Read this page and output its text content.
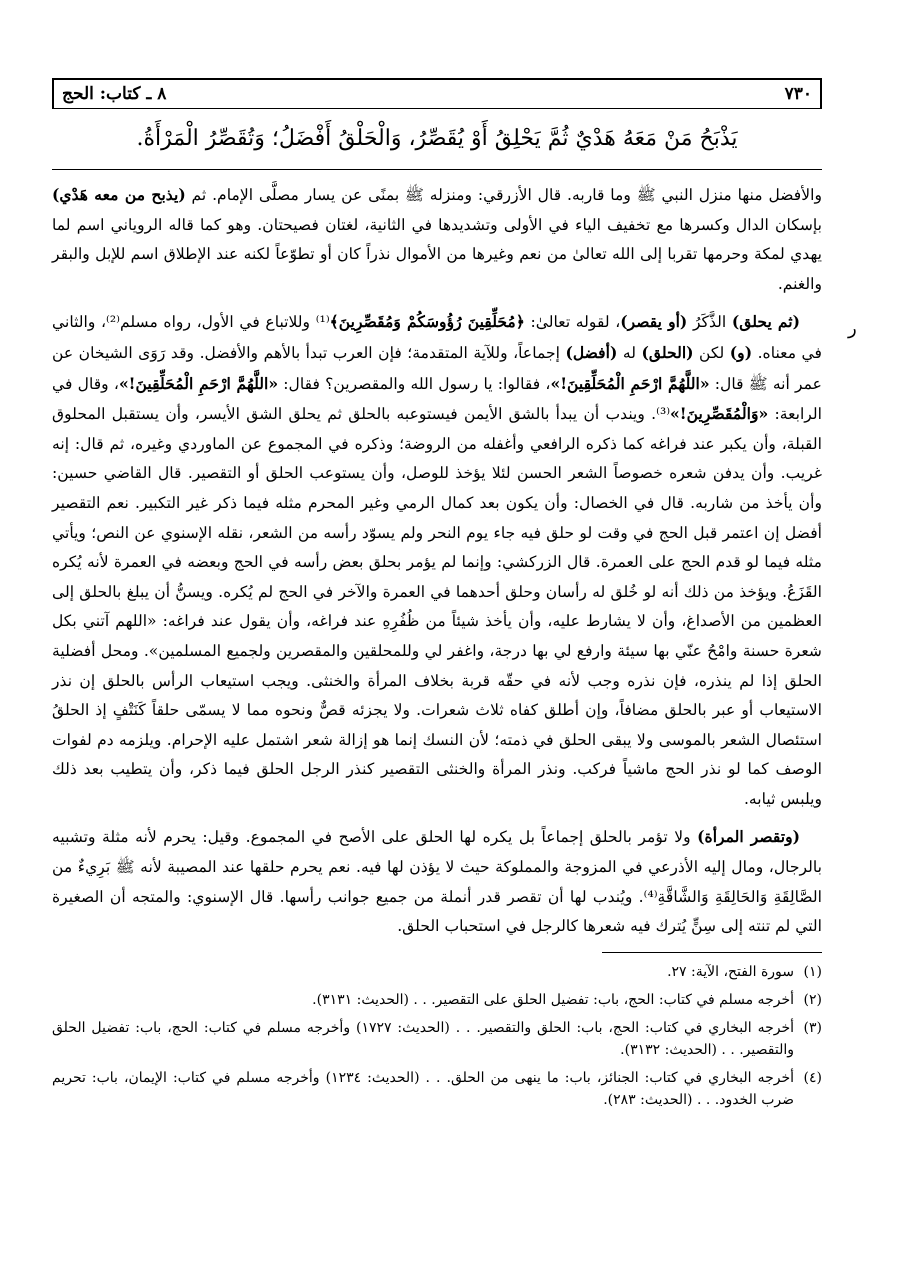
٧٣٠
٨ ـ كتاب: الحج
يَذْبَحُ مَنْ مَعَهُ هَدْيٌ ثُمَّ يَحْلِقُ أَوْ يُقَصِّرُ، وَالْحَلْقُ أَفْضَلُ؛ وَتُقَصِّرُ الْمَرْأَةُ.

والأفضل منها منزل النبي ﷺ وما قاربه. قال الأزرقي: ومنزله ﷺ بمنًى عن يسار مصلَّى الإمام. ثم (يذبح من معه هَدْي) بإسكان الدال وكسرها مع تخفيف الياء في الأولى وتشديدها في الثانية، لغتان فصيحتان. وهو كما قاله الروياني اسم لما يهدي لمكة وحرمها تقربا إلى الله تعالىٰ من نعم وغيرها من الأموال نذراً كان أو تطوّعاً لكنه عند الإطلاق اسم للإبل والبقر والغنم.

(ثم يحلق) الذَّكَرُ (أو يقصر)، لقوله تعالىٰ: ﴿مُحَلِّقِينَ رُؤُوسَكُمْ وَمُقَصِّرِينَ﴾⁽¹⁾ وللاتباع في الأول، رواه مسلم⁽²⁾، والثاني في معناه. (و) لكن (الحلق) له (أفضل) إجماعاً، وللآية المتقدمة؛ فإن العرب تبدأ بالأهم والأفضل. وقد رَوَى الشيخان عن عمر أنه ﷺ قال: «اللَّهُمَّ ارْحَمِ الْمُحَلِّقِينَ!»، فقالوا: يا رسول الله والمقصرين؟ فقال: «اللَّهُمَّ ارْحَمِ الْمُحَلِّقِينَ!»، وقال في الرابعة: «وَالْمُقَصِّرِينَ!»⁽³⁾. ويندب أن يبدأ بالشق الأيمن فيستوعبه بالحلق ثم يحلق الشق الأيسر، وأن يستقبل المحلوق القبلة، وأن يكبر عند فراغه كما ذكره الرافعي وأغفله من الروضة؛ وذكره في المجموع عن الماوردي وغيره، ثم قال: إنه غريب. وأن يدفن شعره خصوصاً الشعر الحسن لئلا يؤخذ للوصل، وأن يستوعب الحلق أو التقصير. قال القاضي حسين: وأن يأخذ من شاربه. قال في الخصال: وأن يكون بعد كمال الرمي وغير المحرم مثله فيما ذكر غير التكبير. نعم التقصير أفضل إن اعتمر قبل الحج في وقت لو حلق فيه جاء يوم النحر ولم يسوّد رأسه من الشعر، نقله الإسنوي عن النص؛ ويأتي مثله فيما لو قدم الحج على العمرة. قال الزركشي: وإنما لم يؤمر بحلق بعض رأسه في الحج وبعضه في العمرة لأنه يُكره القَزَعُ. ويؤخذ من ذلك أنه لو خُلق له رأسان وحلق أحدهما في العمرة والآخر في الحج لم يُكره. ويسنُّ أن يبلغ بالحلق إلى العظمين من الأصداغ، وأن لا يشارط عليه، وأن يأخذ شيئاً من ظُفُرِهِ عند فراغه، وأن يقول عند فراغه: «اللهم آتني بكل شعرة حسنة وامْحُ عنّي بها سيئة وارفع لي بها درجة، واغفر لي وللمحلقين والمقصرين ولجميع المسلمين». ومحل أفضلية الحلق إذا لم ينذره، فإن نذره وجب لأنه في حقّه قربة بخلاف المرأة والخنثى. ويجب استيعاب الرأس بالحلق إن نذر الاستيعاب أو عبر بالحلق مضافاً، وإن أطلق كفاه ثلاث شعرات. ولا يجزئه قصٌّ ونحوه مما لا يسمّى حلقاً كَنَتْفٍ إذ الحلقُ استئصال الشعر بالموسى ولا يبقى الحلق في ذمته؛ لأن النسك إنما هو إزالة شعر اشتمل عليه الإحرام. ويلزمه دم لفوات الوصف كما لو نذر الحج ماشياً فركب. ونذر المرأة والخنثى التقصير كنذر الرجل الحلق فيما ذكر، وأن يتطيب بعد ذلك ويلبس ثيابه.

(وتقصر المرأة) ولا تؤمر بالحلق إجماعاً بل يكره لها الحلق على الأصح في المجموع. وقيل: يحرم لأنه مثلة وتشبيه بالرجال، ومال إليه الأذرعي في المزوجة والمملوكة حيث لا يؤذن لها فيه. نعم يحرم حلقها عند المصيبة لأنه ﷺ بَرِيءٌ من الصَّالِقَةِ وَالحَالِقَةِ وَالشَّاقَّةِ⁽⁴⁾. ويُندب لها أن تقصر قدر أنملة من جميع جوانب رأسها. قال الإسنوي: والمتجه أن الصغيرة التي لم تنته إلى سِنٍّ يُترك فيه شعرها كالرجل في استحباب الحلق.

(١)
سورة الفتح، الآية: ٢٧.
(٢)
أخرجه مسلم في كتاب: الحج، باب: تفضيل الحلق على التقصير. . . (الحديث: ٣١٣١).
(٣)
أخرجه البخاري في كتاب: الحج، باب: الحلق والتقصير. . . (الحديث: ١٧٢٧) وأخرجه مسلم في كتاب: الحج، باب: تفضيل الحلق والتقصير. . . (الحديث: ٣١٣٢).
(٤)
أخرجه البخاري في كتاب: الجنائز، باب: ما ينهى من الحلق. . . (الحديث: ١٢٣٤) وأخرجه مسلم في كتاب: الإيمان، باب: تحريم ضرب الخدود. . . (الحديث: ٢٨٣).
ر
